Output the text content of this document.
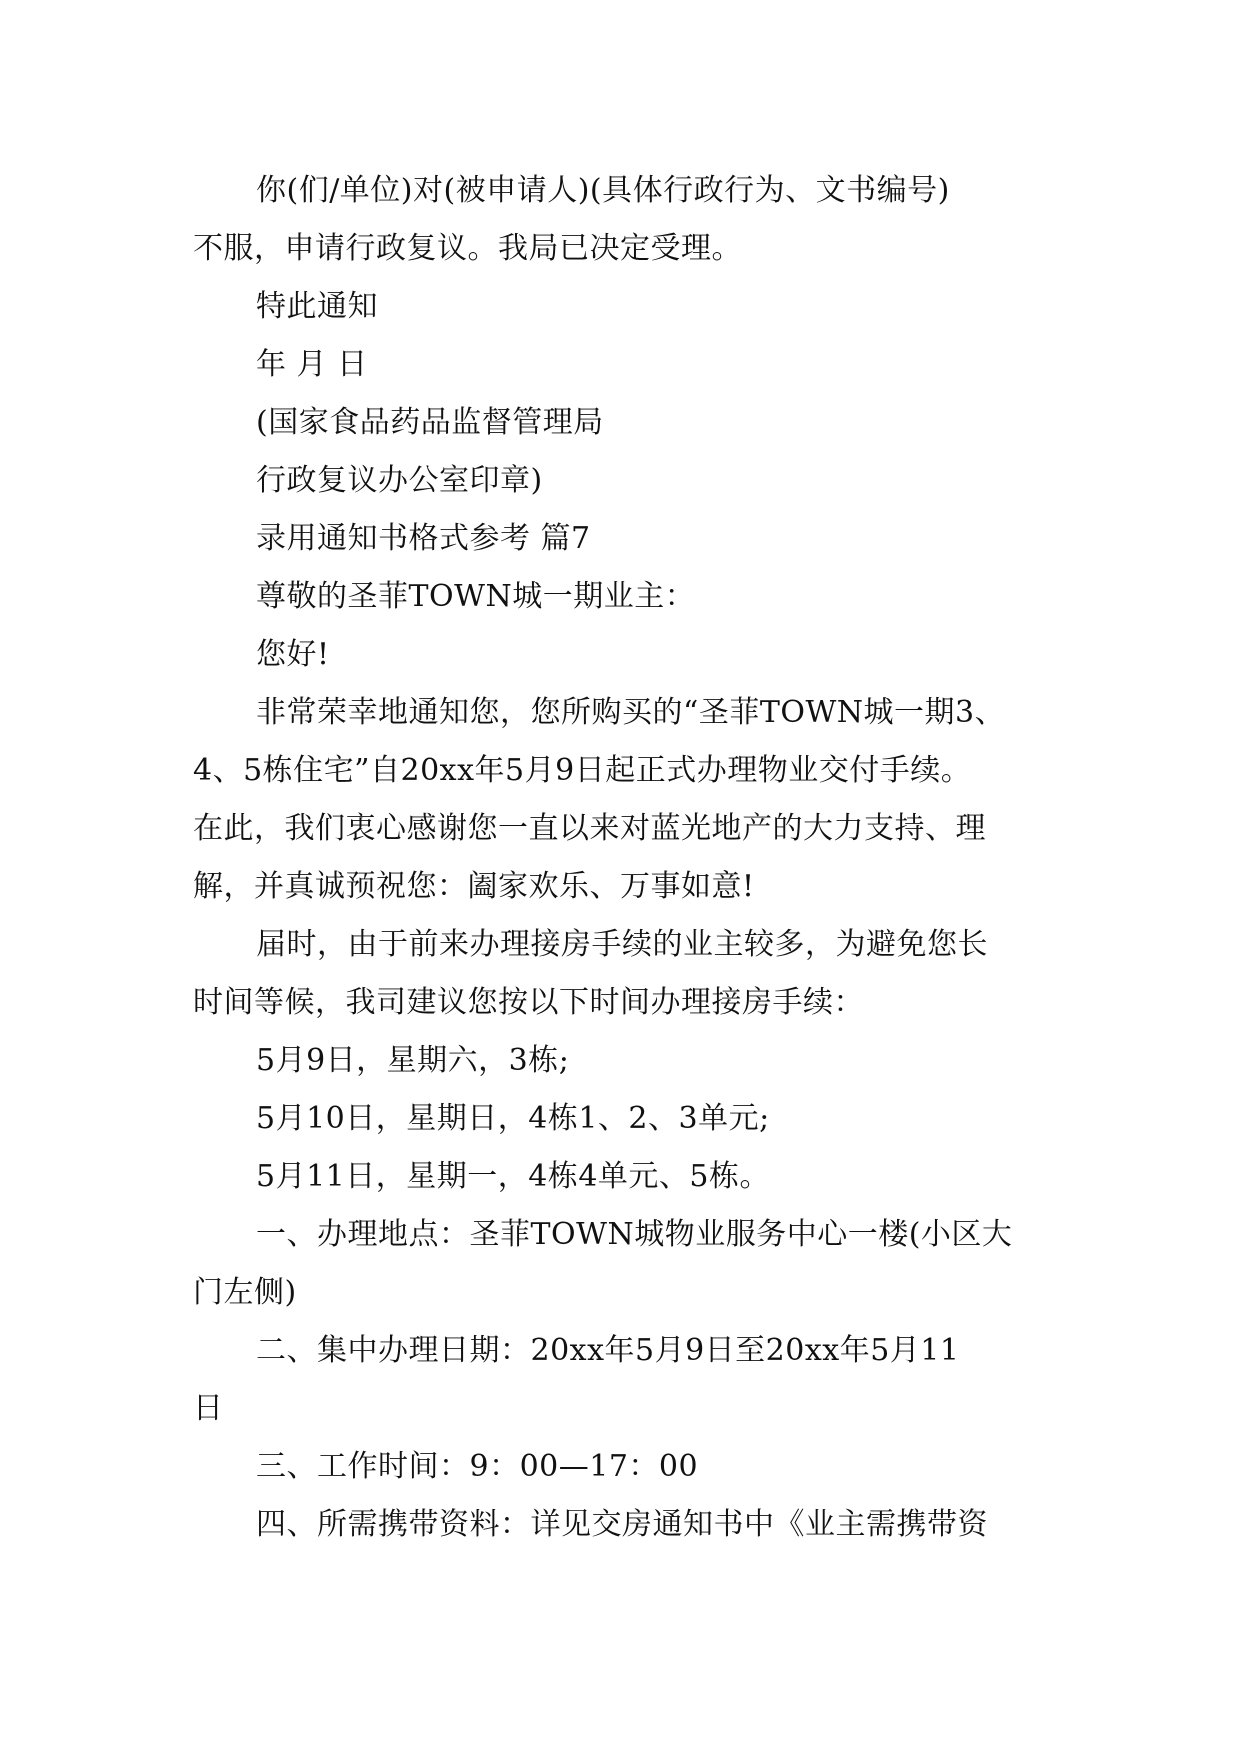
你(们/单位)对(被申请人)(具体行政行为、文书编号)
不服，申请行政复议。我局已决定受理。
特此通知
年 月 日
(国家食品药品监督管理局
行政复议办公室印章)
录用通知书格式参考 篇7
尊敬的圣菲TOWN城一期业主：
您好!
非常荣幸地通知您，您所购买的“圣菲TOWN城一期3、
4、5栋住宅”自20xx年5月9日起正式办理物业交付手续。
在此，我们衷心感谢您一直以来对蓝光地产的大力支持、理
解，并真诚预祝您：阖家欢乐、万事如意!
届时，由于前来办理接房手续的业主较多，为避免您长
时间等候，我司建议您按以下时间办理接房手续：
5月9日，星期六，3栋;
5月10日，星期日，4栋1、2、3单元;
5月11日，星期一，4栋4单元、5栋。
一、办理地点：圣菲TOWN城物业服务中心一楼(小区大
门左侧)
二、集中办理日期：20xx年5月9日至20xx年5月11
日
三、工作时间：9：00—17：00
四、所需携带资料：详见交房通知书中《业主需携带资
